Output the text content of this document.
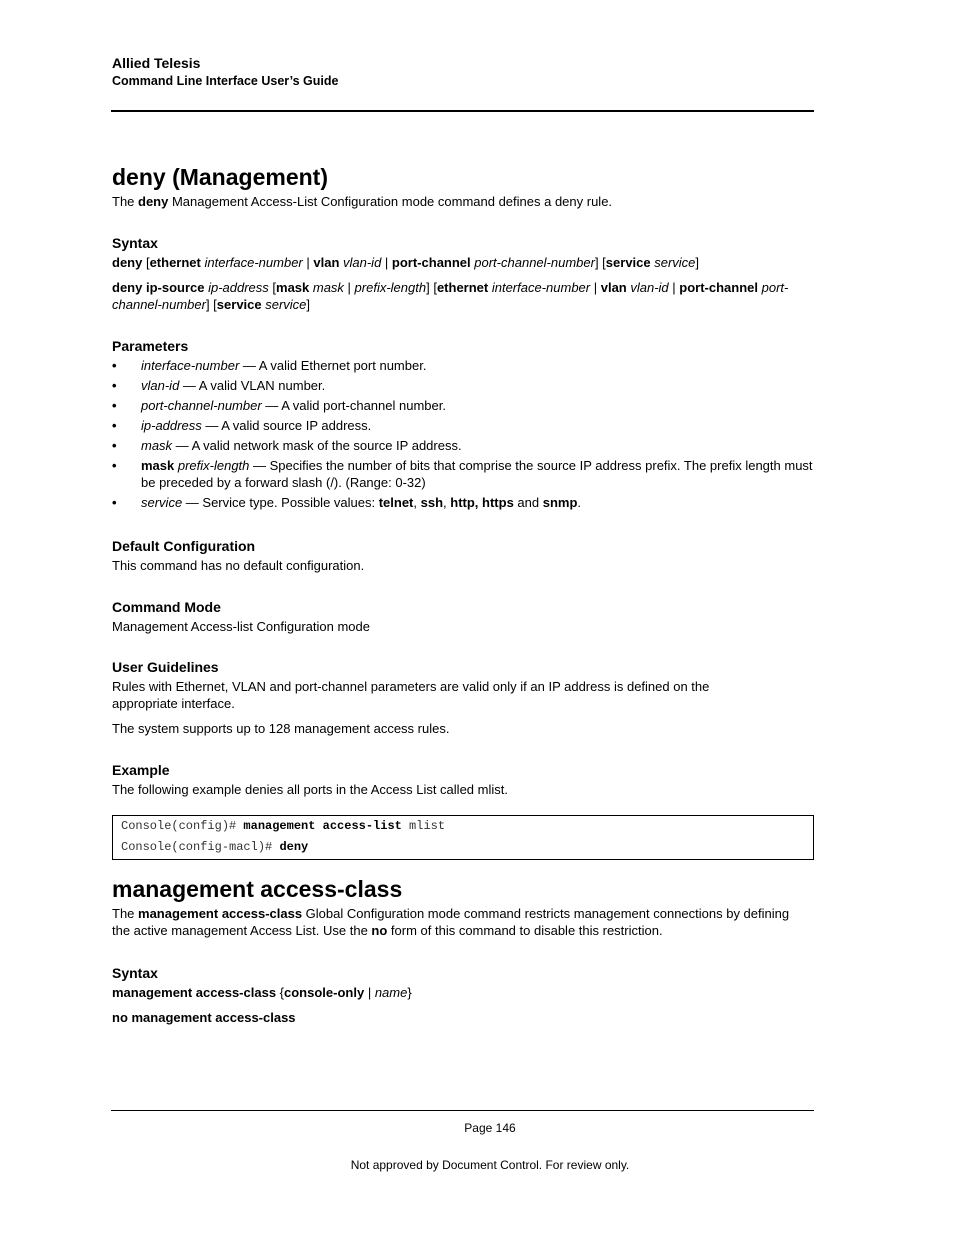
Allied Telesis
Command Line Interface User’s Guide
deny (Management)

The deny Management Access-List Configuration mode command defines a deny rule.

Syntax

deny [ethernet interface-number | vlan vlan-id | port-channel port-channel-number] [service service]

deny ip-source ip-address [mask mask | prefix-length] [ethernet interface-number | vlan vlan-id | port-channel port-channel-number] [service service]

Parameters

• interface-number — A valid Ethernet port number.
• vlan-id — A valid VLAN number.
• port-channel-number — A valid port-channel number.
• ip-address — A valid source IP address.
• mask — A valid network mask of the source IP address.
• mask prefix-length — Specifies the number of bits that comprise the source IP address prefix. The prefix length must be preceded by a forward slash (/). (Range: 0-32)
• service — Service type. Possible values: telnet, ssh, http, https and snmp.

Default Configuration

This command has no default configuration.

Command Mode

Management Access-list Configuration mode

User Guidelines

Rules with Ethernet, VLAN and port-channel parameters are valid only if an IP address is defined on the appropriate interface.

The system supports up to 128 management access rules.

Example

The following example denies all ports in the Access List called mlist.

Console(config)# management access-list mlist
Console(config-macl)# deny
management access-class

The management access-class Global Configuration mode command restricts management connections by defining the active management Access List. Use the no form of this command to disable this restriction.

Syntax

management access-class {console-only | name}

no management access-class

Page 146
Not approved by Document Control. For review only.
